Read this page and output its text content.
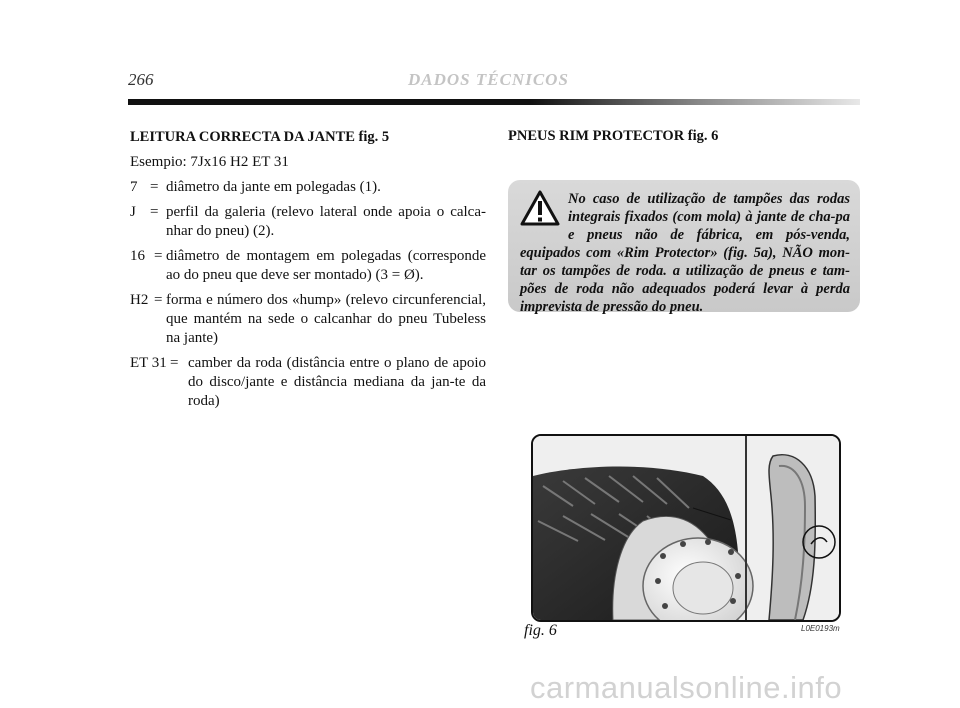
266	DADOS TÉCNICOS

LEITURA CORRECTA DA JANTE fig. 5

Esempio: 7Jx16 H2 ET 31

7 = diâmetro da jante em polegadas (1).
J = perfil da galeria (relevo lateral onde apoia o calca-nhar do pneu) (2).
16 = diâmetro de montagem em polegadas (corresponde ao do pneu que deve ser montado) (3 = Ø).
H2 = forma e número dos «hump» (relevo circunferencial, que mantém na sede o calcanhar do pneu Tubeless na jante)
ET 31 = camber da roda (distância entre o plano de apoio do disco/jante e distância mediana da jan-te da roda)

PNEUS RIM PROTECTOR fig. 6

No caso de utilização de tampões das rodas integrais fixados (com mola) à jante de cha-pa e pneus não de fábrica, em pós-venda, equipados com «Rim Protector» (fig. 5a), NÃO mon-tar os tampões de roda. a utilização de pneus e tam-pões de roda não adequados poderá levar à perda imprevista de pressão do pneu.
fig. 6	L0E0193m
carmanualsonline.info
